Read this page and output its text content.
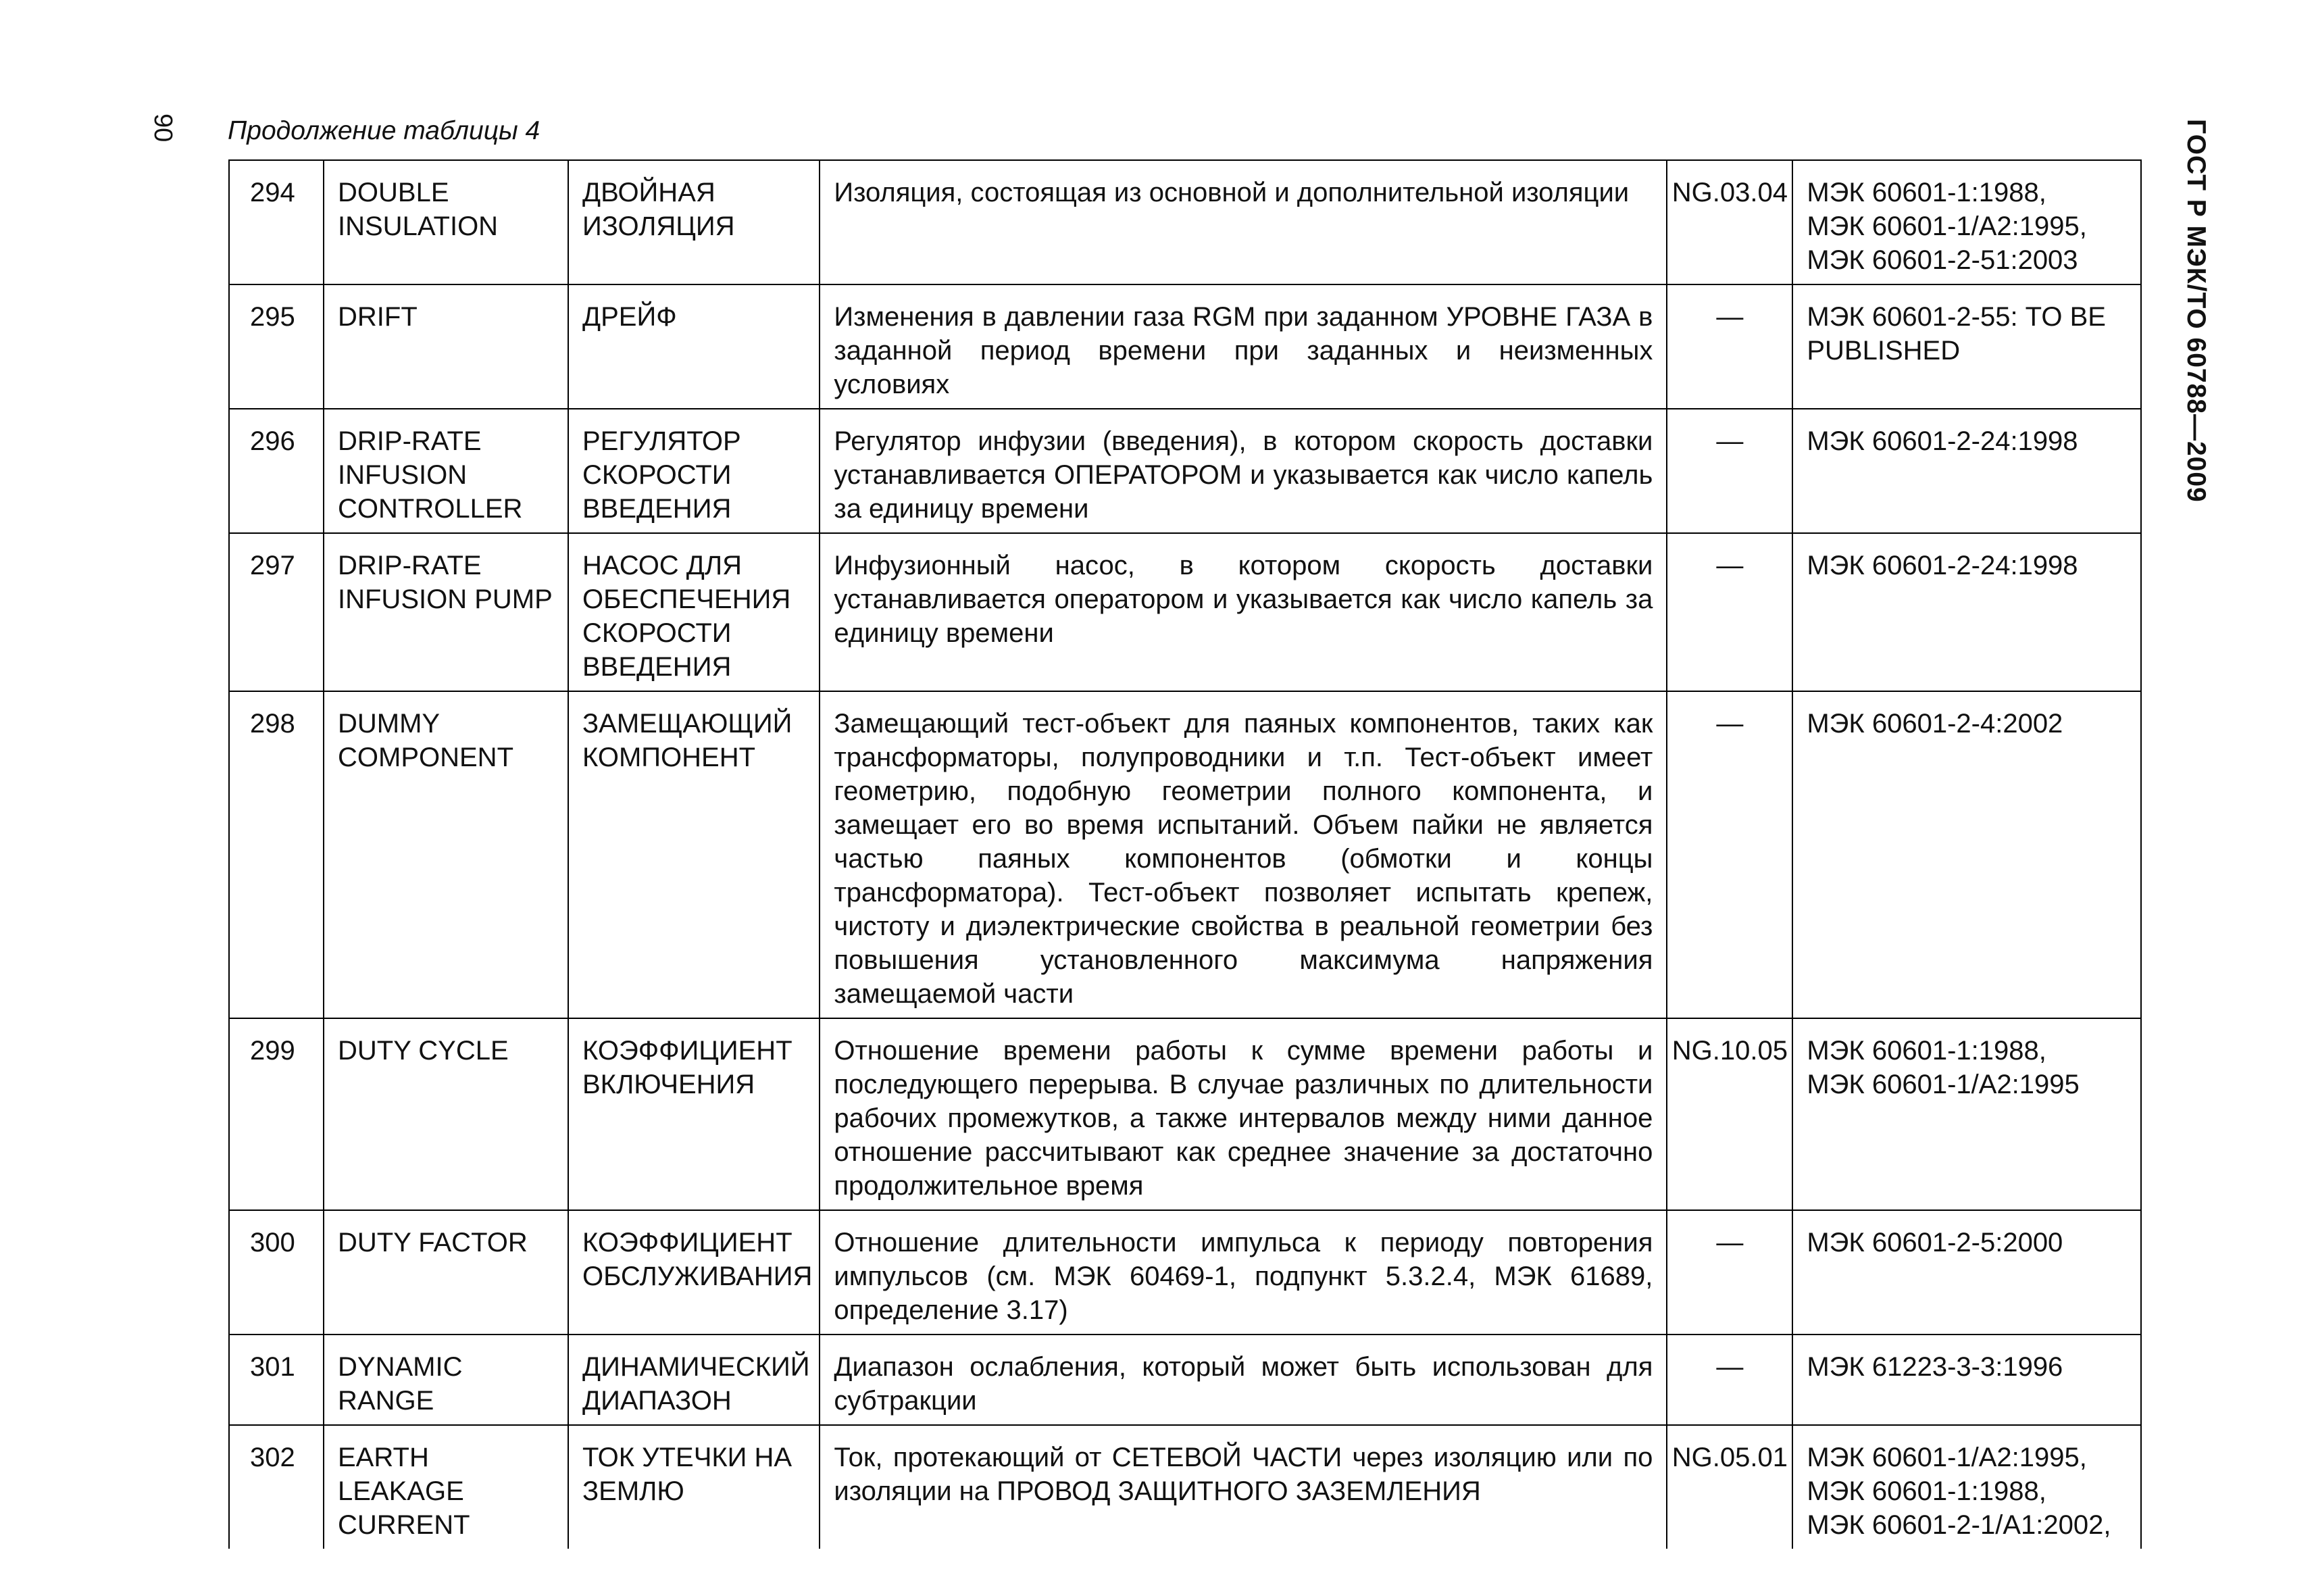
90 Продолжение таблицы 4	ГОСТ Р МЭК/ТО 60788—2009
294	DOUBLE INSULATION	ДВОЙНАЯ ИЗОЛЯЦИЯ	Изоляция, состоящая из основной и дополнительной изоляции	NG.03.04	МЭК 60601-1:1988,
МЭК 60601-1/A2:1995,
МЭК 60601-2-51:2003

295	DRIFT	ДРЕЙФ	Изменения в давлении газа RGM при заданном УРОВНЕ ГАЗА в заданной период времени при заданных и неизменных условиях	—	МЭК 60601-2-55: TO BE PUBLISHED

296	DRIP-RATE INFUSION CONTROLLER	РЕГУЛЯТОР СКОРОСТИ ВВЕДЕНИЯ	Регулятор инфузии (введения), в котором скорость доставки устанавливается ОПЕРАТОРОМ и указывается как число капель за единицу времени	—	МЭК 60601-2-24:1998

297	DRIP-RATE INFUSION PUMP	НАСОС ДЛЯ ОБЕСПЕЧЕНИЯ СКОРОСТИ ВВЕДЕНИЯ	Инфузионный насос, в котором скорость доставки устанавливается оператором и указывается как число капель за единицу времени	—	МЭК 60601-2-24:1998

298	DUMMY COMPONENT	ЗАМЕЩАЮЩИЙ КОМПОНЕНТ	Замещающий тест-объект для паяных компонентов, таких как трансформаторы, полупроводники и т.п. Тест-объект имеет геометрию, подобную геометрии полного компонента, и замещает его во время испытаний. Объем пайки не является частью паяных компонентов (обмотки и концы трансформатора). Тест-объект позволяет испытать крепеж, чистоту и диэлектрические свойства в реальной геометрии без повышения установленного максимума напряжения замещаемой части	—	МЭК 60601-2-4:2002

299	DUTY CYCLE	КОЭФФИЦИЕНТ ВКЛЮЧЕНИЯ	Отношение времени работы к сумме времени работы и последующего перерыва. В случае различных по длительности рабочих промежутков, а также интервалов между ними данное отношение рассчитывают как среднее значение за достаточно продолжительное время	NG.10.05	МЭК 60601-1:1988,
МЭК 60601-1/A2:1995

300	DUTY FACTOR	КОЭФФИЦИЕНТ ОБСЛУЖИВАНИЯ	Отношение длительности импульса к периоду повторения импульсов (см. МЭК 60469-1, подпункт 5.3.2.4, МЭК 61689, определение 3.17)	—	МЭК 60601-2-5:2000

301	DYNAMIC RANGE	ДИНАМИЧЕСКИЙ ДИАПАЗОН	Диапазон ослабления, который может быть использован для субтракции	—	МЭК 61223-3-3:1996

302	EARTH LEAKAGE CURRENT	ТОК УТЕЧКИ НА ЗЕМЛЮ	Ток, протекающий от СЕТЕВОЙ ЧАСТИ через изоляцию или по изоляции на ПРОВОД ЗАЩИТНОГО ЗАЗЕМЛЕНИЯ	NG.05.01	МЭК 60601-1/A2:1995,
МЭК 60601-1:1988,
МЭК 60601-2-1/A1:2002,
